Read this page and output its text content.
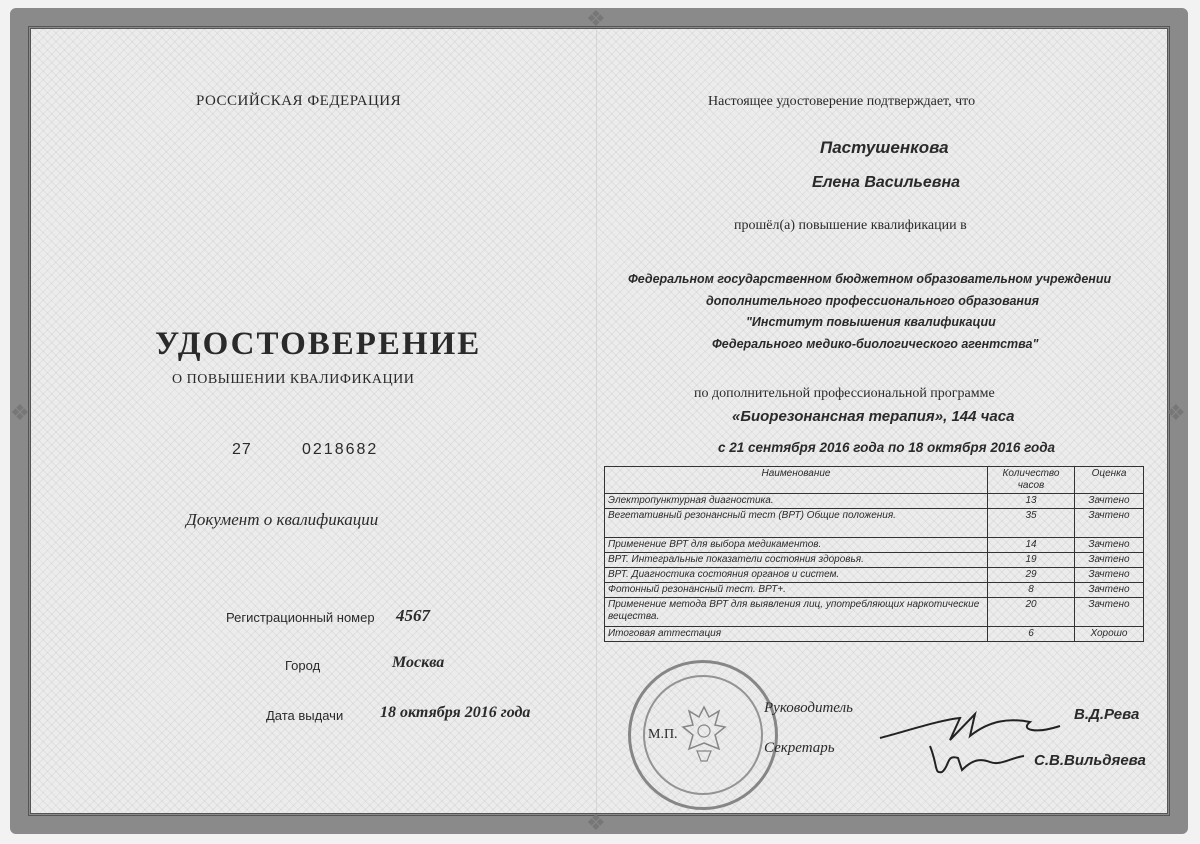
❖
❖
❖	❖
РОССИЙСКАЯ ФЕДЕРАЦИЯ
УДОСТОВЕРЕНИЕ
О ПОВЫШЕНИИ КВАЛИФИКАЦИИ
27	0218682
Документ о квалификации
Регистрационный номер 4567
Город	Москва
Дата выдачи 18 октября 2016 года
Настоящее удостоверение подтверждает, что
Пастушенкова
Елена Васильевна
прошёл(а) повышение квалификации в
Федеральном государственном бюджетном образовательном учреждении
дополнительного профессионального образования
"Институт повышения квалификации
Федерального медико-биологического агентства"
по дополнительной профессиональной программе
«Биорезонансная терапия», 144 часа
с 21 сентября 2016 года по 18 октября 2016 года
Наименование	Количество часов	Оценка
Электропунктурная диагностика.	13	Зачтено
Вегетативный резонансный тест (ВРТ) Общие положения.	35	Зачтено
Применение ВРТ для выбора медикаментов.	14	Зачтено
ВРТ. Интегральные показатели состояния здоровья.	19	Зачтено
ВРТ. Диагностика состояния органов и систем.	29	Зачтено
Фотонный резонансный тест. ВРТ+.	8	Зачтено
Применение метода ВРТ для выявления лиц, употребляющих наркотические вещества.	20	Зачтено
Итоговая аттестация	6	Хорошо
М.П.
Руководитель	В.Д.Рева
Секретарь
С.В.Вильдяева
